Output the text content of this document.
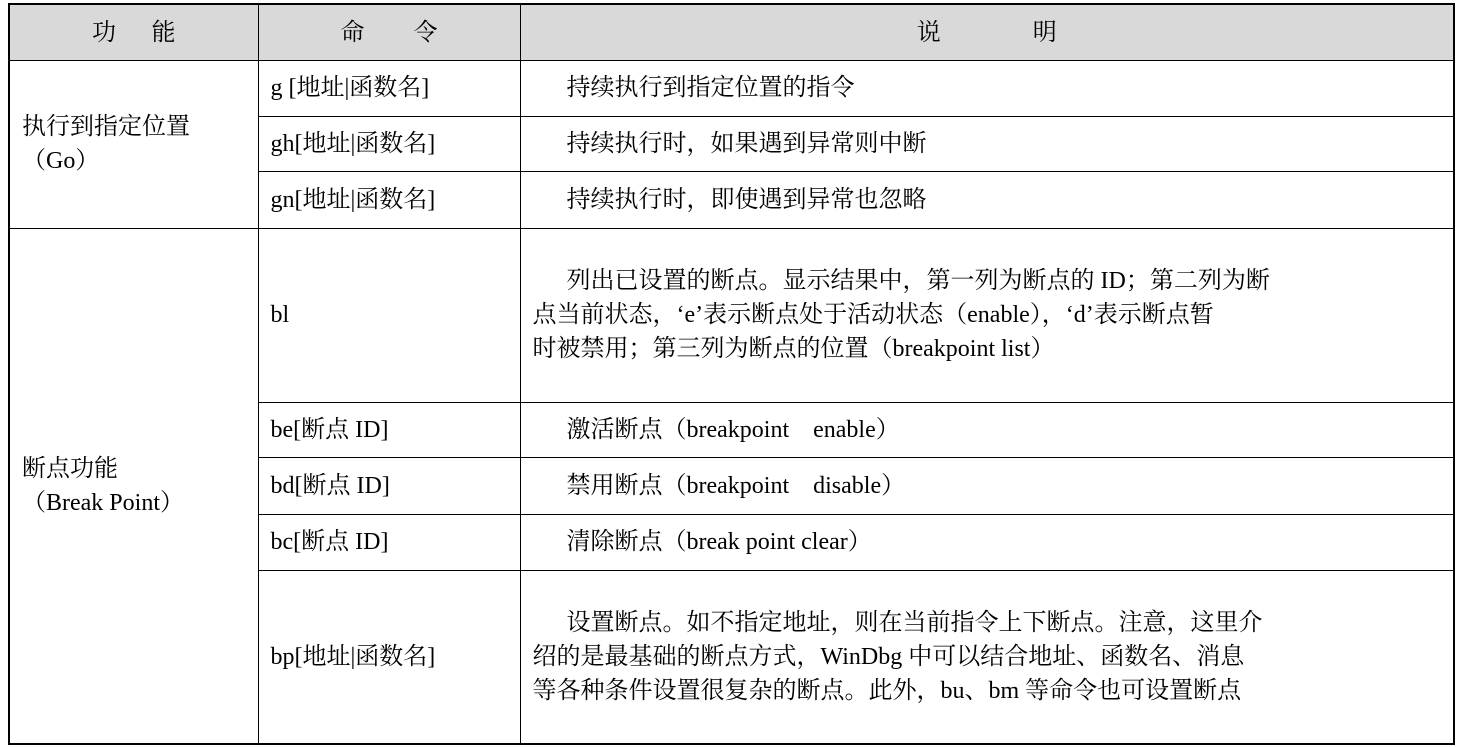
功 能	命 令	说 明

执行到指定位置
（Go）	g [地址|函数名]	持续执行到指定位置的指令
	gh[地址|函数名]	持续执行时，如果遇到异常则中断
	gn[地址|函数名]	持续执行时，即使遇到异常也忽略

断点功能
（Break Point）	bl	列出已设置的断点。显示结果中，第一列为断点的 ID；第二列为断
点当前状态，‘e’表示断点处于活动状态（enable），‘d’表示断点暂
时被禁用；第三列为断点的位置（breakpoint list）

	be[断点 ID]	激活断点（breakpoint　enable）
	bd[断点 ID]	禁用断点（breakpoint　disable）
	bc[断点 ID]	清除断点（break point clear）
	bp[地址|函数名]	设置断点。如不指定地址，则在当前指令上下断点。注意，这里介
绍的是最基础的断点方式，WinDbg 中可以结合地址、函数名、消息
等各种条件设置很复杂的断点。此外，bu、bm 等命令也可设置断点
